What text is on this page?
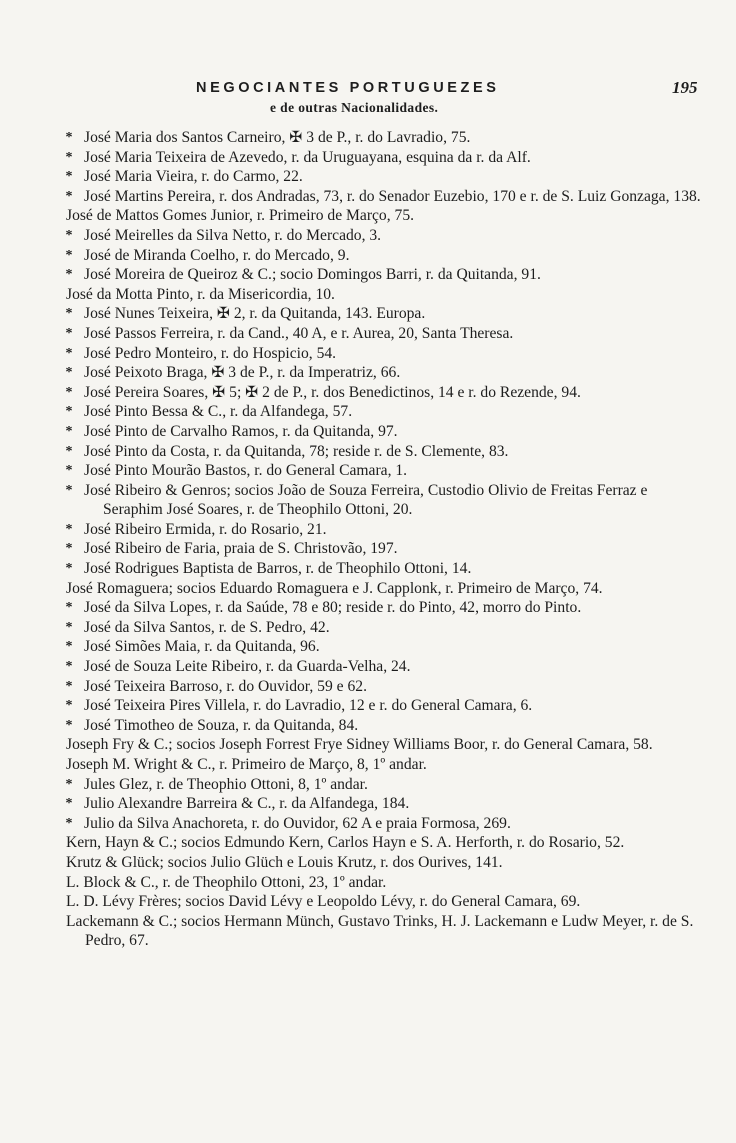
NEGOCIANTES PORTUGUEZES	195
e de outras Nacionalidades.
* José Maria dos Santos Carneiro, ✠ 3 de P., r. do Lavradio, 75.
* José Maria Teixeira de Azevedo, r. da Uruguayana, esquina da r. da Alf.
* José Maria Vieira, r. do Carmo, 22.
* José Martins Pereira, r. dos Andradas, 73, r. do Senador Euzebio, 170 e r. de S. Luiz Gonzaga, 138.
José de Mattos Gomes Junior, r. Primeiro de Março, 75.
* José Meirelles da Silva Netto, r. do Mercado, 3.
* José de Miranda Coelho, r. do Mercado, 9.
* José Moreira de Queiroz & C.; socio Domingos Barri, r. da Quitanda, 91.
José da Motta Pinto, r. da Misericordia, 10.
* José Nunes Teixeira, ✠ 2, r. da Quitanda, 143. Europa.
* José Passos Ferreira, r. da Cand., 40 A, e r. Aurea, 20, Santa Theresa.
* José Pedro Monteiro, r. do Hospicio, 54.
* José Peixoto Braga, ✠ 3 de P., r. da Imperatriz, 66.
* José Pereira Soares, ✠ 5; ✠ 2 de P., r. dos Benedictinos, 14 e r. do Rezende, 94.
* José Pinto Bessa & C., r. da Alfandega, 57.
* José Pinto de Carvalho Ramos, r. da Quitanda, 97.
* José Pinto da Costa, r. da Quitanda, 78; reside r. de S. Clemente, 83.
* José Pinto Mourão Bastos, r. do General Camara, 1.
* José Ribeiro & Genros; socios João de Souza Ferreira, Custodio Olivio de Freitas Ferraz e Seraphim José Soares, r. de Theophilo Ottoni, 20.
* José Ribeiro Ermida, r. do Rosario, 21.
* José Ribeiro de Faria, praia de S. Christovão, 197.
* José Rodrigues Baptista de Barros, r. de Theophilo Ottoni, 14.
José Romaguera; socios Eduardo Romaguera e J. Capplonk, r. Primeiro de Março, 74.
* José da Silva Lopes, r. da Saúde, 78 e 80; reside r. do Pinto, 42, morro do Pinto.
* José da Silva Santos, r. de S. Pedro, 42.
* José Simões Maia, r. da Quitanda, 96.
* José de Souza Leite Ribeiro, r. da Guarda-Velha, 24.
* José Teixeira Barroso, r. do Ouvidor, 59 e 62.
* José Teixeira Pires Villela, r. do Lavradio, 12 e r. do General Camara, 6.
* José Timotheo de Souza, r. da Quitanda, 84.
Joseph Fry & C.; socios Joseph Forrest Frye Sidney Williams Boor, r. do General Camara, 58.
Joseph M. Wright & C., r. Primeiro de Março, 8, 1º andar.
* Jules Glez, r. de Theophio Ottoni, 8, 1º andar.
* Julio Alexandre Barreira & C., r. da Alfandega, 184.
* Julio da Silva Anachoreta, r. do Ouvidor, 62 A e praia Formosa, 269.
Kern, Hayn & C.; socios Edmundo Kern, Carlos Hayn e S. A. Herforth, r. do Rosario, 52.
Krutz & Glück; socios Julio Glüch e Louis Krutz, r. dos Ourives, 141.
L. Block & C., r. de Theophilo Ottoni, 23, 1º andar.
L. D. Lévy Frères; socios David Lévy e Leopoldo Lévy, r. do General Camara, 69.
Lackemann & C.; socios Hermann Münch, Gustavo Trinks, H. J. Lackemann e Ludw Meyer, r. de S. Pedro, 67.
